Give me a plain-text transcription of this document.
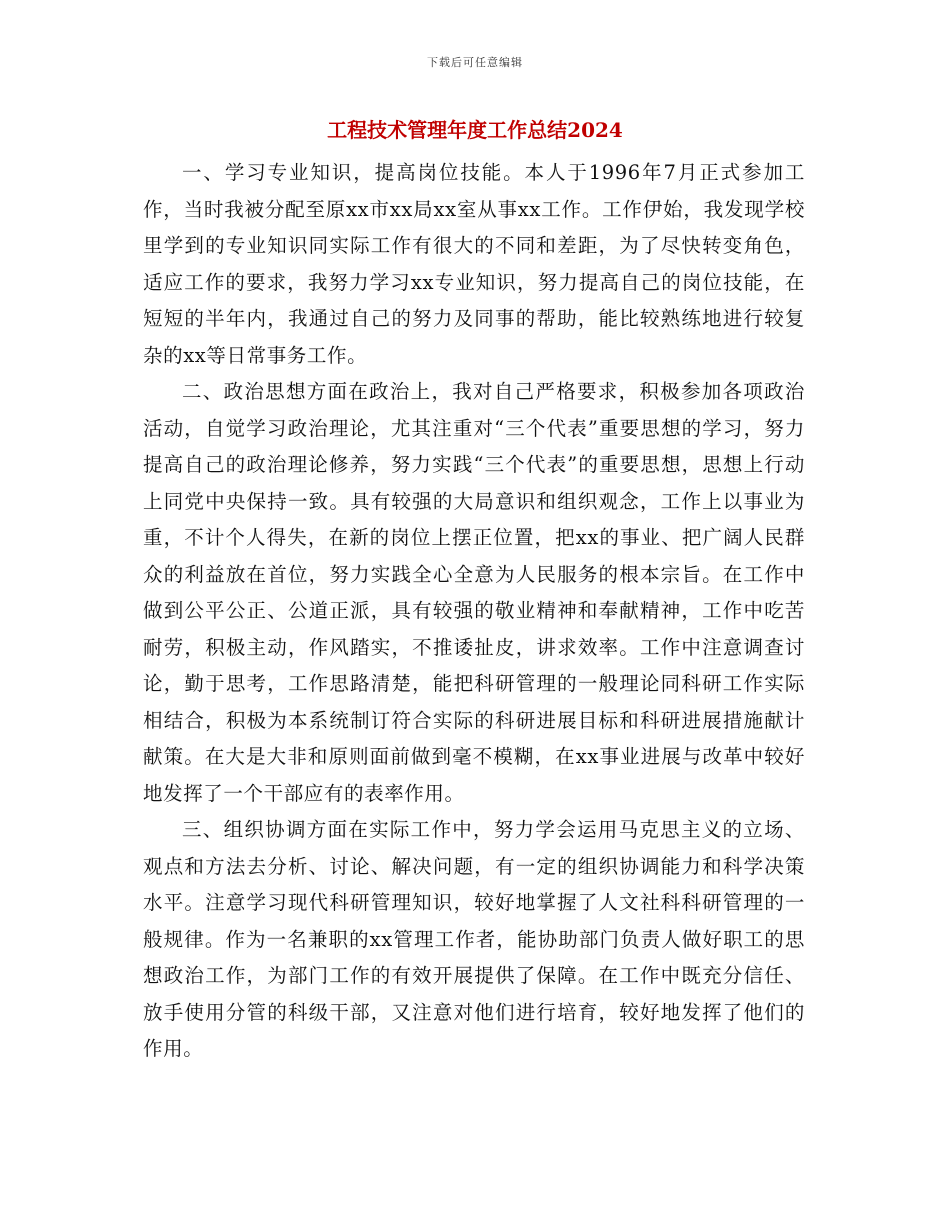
下载后可任意编辑
工程技术管理年度工作总结2024

一、学习专业知识，提高岗位技能。本人于1996年7月正式参加工作，当时我被分配至原xx市xx局xx室从事xx工作。工作伊始，我发现学校里学到的专业知识同实际工作有很大的不同和差距，为了尽快转变角色，适应工作的要求，我努力学习xx专业知识，努力提高自己的岗位技能，在短短的半年内，我通过自己的努力及同事的帮助，能比较熟练地进行较复杂的xx等日常事务工作。

二、政治思想方面在政治上，我对自己严格要求，积极参加各项政治活动，自觉学习政治理论，尤其注重对“三个代表”重要思想的学习，努力提高自己的政治理论修养，努力实践“三个代表”的重要思想，思想上行动上同党中央保持一致。具有较强的大局意识和组织观念，工作上以事业为重，不计个人得失，在新的岗位上摆正位置，把xx的事业、把广阔人民群众的利益放在首位，努力实践全心全意为人民服务的根本宗旨。在工作中做到公平公正、公道正派，具有较强的敬业精神和奉献精神，工作中吃苦耐劳，积极主动，作风踏实，不推诿扯皮，讲求效率。工作中注意调查讨论，勤于思考，工作思路清楚，能把科研管理的一般理论同科研工作实际相结合，积极为本系统制订符合实际的科研进展目标和科研进展措施献计献策。在大是大非和原则面前做到毫不模糊，在xx事业进展与改革中较好地发挥了一个干部应有的表率作用。

三、组织协调方面在实际工作中，努力学会运用马克思主义的立场、观点和方法去分析、讨论、解决问题，有一定的组织协调能力和科学决策水平。注意学习现代科研管理知识，较好地掌握了人文社科科研管理的一般规律。作为一名兼职的xx管理工作者，能协助部门负责人做好职工的思想政治工作，为部门工作的有效开展提供了保障。在工作中既充分信任、放手使用分管的科级干部，又注意对他们进行培育，较好地发挥了他们的作用。
